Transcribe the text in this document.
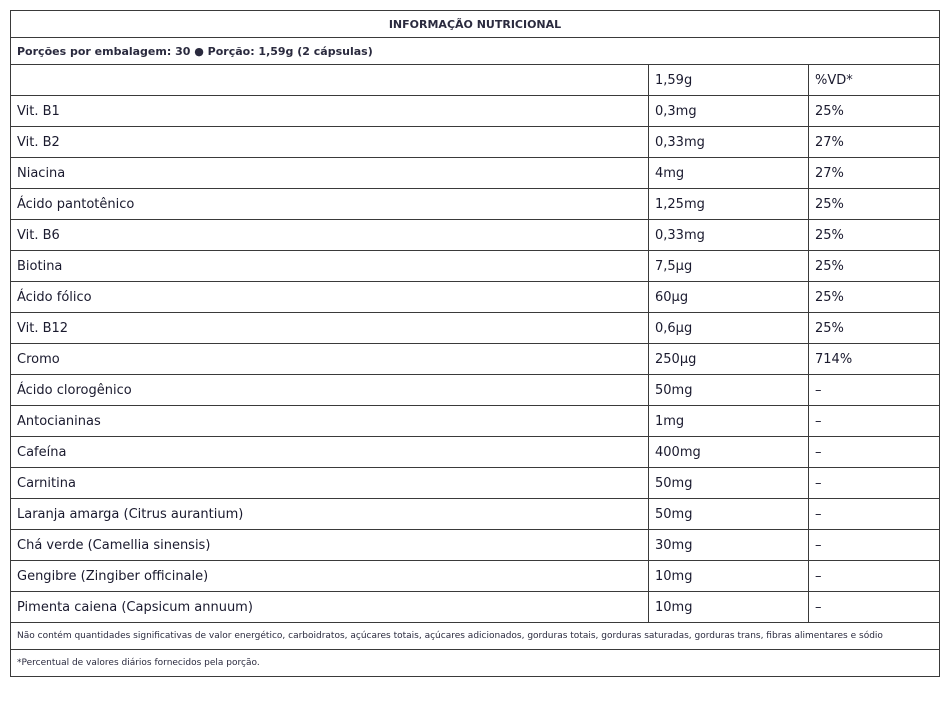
INFORMAÇÃO NUTRICIONAL		
Porções por embalagem: 30 ● Porção: 1,59g (2 cápsulas)		
	1,59g	%VD*
Vit. B1	0,3mg	25%
Vit. B2	0,33mg	27%
Niacina	4mg	27%
Ácido pantotênico	1,25mg	25%
Vit. B6	0,33mg	25%
Biotina	7,5µg	25%
Ácido fólico	60µg	25%
Vit. B12	0,6µg	25%
Cromo	250µg	714%
Ácido clorogênico	50mg	–
Antocianinas	1mg	–
Cafeína	400mg	–
Carnitina	50mg	–
Laranja amarga (Citrus aurantium)	50mg	–
Chá verde (Camellia sinensis)	30mg	–
Gengibre (Zingiber officinale)	10mg	–
Pimenta caiena (Capsicum annuum)	10mg	–
Não contém quantidades significativas de valor energético, carboidratos, açúcares totais, açúcares adicionados, gorduras totais, gorduras saturadas, gorduras trans, fibras alimentares e sódio		
*Percentual de valores diários fornecidos pela porção.		
